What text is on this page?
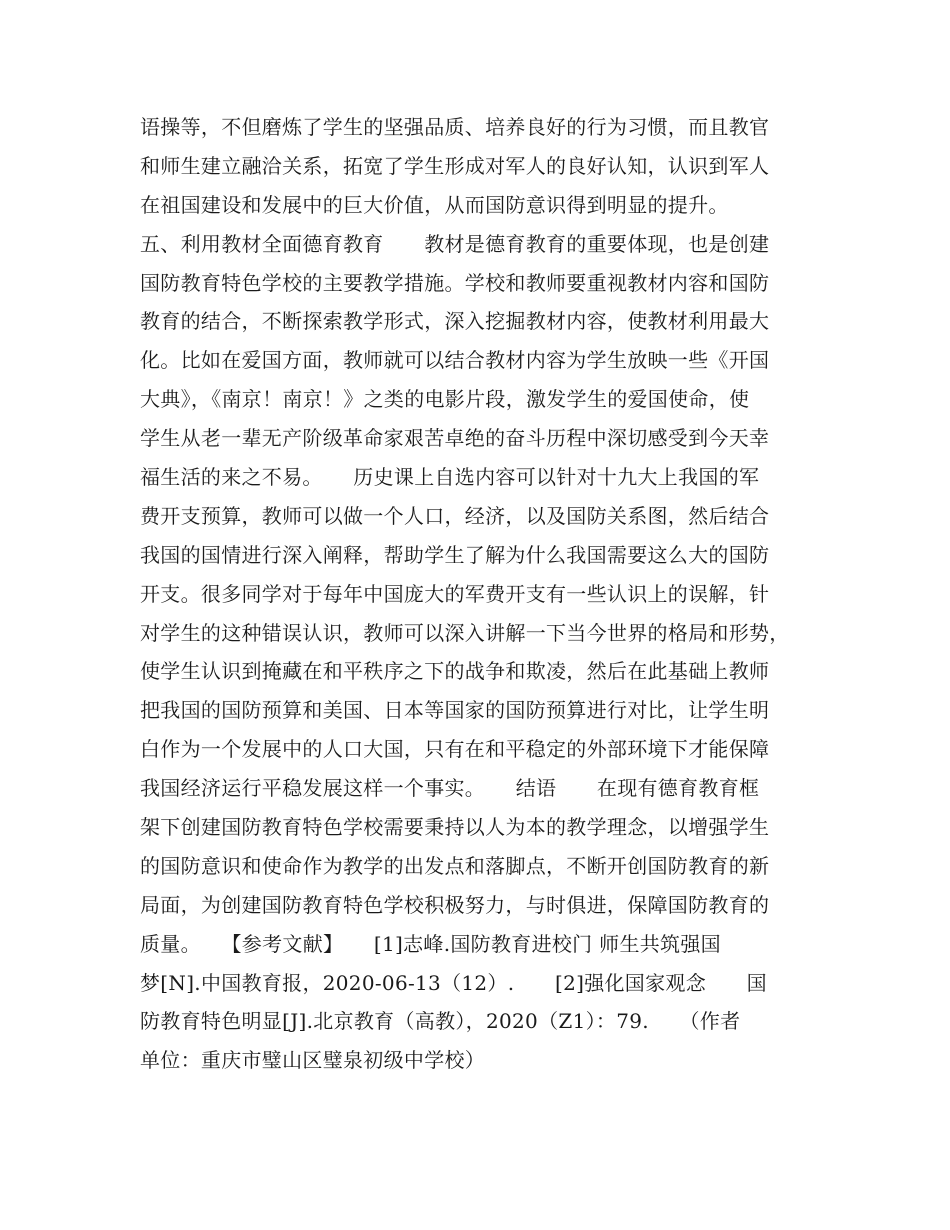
语操等，不但磨炼了学生的坚强品质、培养良好的行为习惯，而且教官
和师生建立融洽关系，拓宽了学生形成对军人的良好认知，认识到军人
在祖国建设和发展中的巨大价值，从而国防意识得到明显的提升。
五、利用教材全面德育教育　　教材是德育教育的重要体现，也是创建
国防教育特色学校的主要教学措施。学校和教师要重视教材内容和国防
教育的结合，不断探索教学形式，深入挖掘教材内容，使教材利用最大
化。比如在爱国方面，教师就可以结合教材内容为学生放映一些《开国
大典》，《南京！南京！》之类的电影片段，激发学生的爱国使命，使
学生从老一辈无产阶级革命家艰苦卓绝的奋斗历程中深切感受到今天幸
福生活的来之不易。　　历史课上自选内容可以针对十九大上我国的军
费开支预算，教师可以做一个人口，经济，以及国防关系图，然后结合
我国的国情进行深入阐释，帮助学生了解为什么我国需要这么大的国防
开支。很多同学对于每年中国庞大的军费开支有一些认识上的误解，针
对学生的这种错误认识，教师可以深入讲解一下当今世界的格局和形势，
使学生认识到掩藏在和平秩序之下的战争和欺凌，然后在此基础上教师
把我国的国防预算和美国、日本等国家的国防预算进行对比，让学生明
白作为一个发展中的人口大国，只有在和平稳定的外部环境下才能保障
我国经济运行平稳发展这样一个事实。　　结语　　在现有德育教育框
架下创建国防教育特色学校需要秉持以人为本的教学理念，以增强学生
的国防意识和使命作为教学的出发点和落脚点，不断开创国防教育的新
局面，为创建国防教育特色学校积极努力，与时俱进，保障国防教育的
质量。　　【参考文献】　　[1]志峰.国防教育进校门 师生共筑强国
梦[N].中国教育报，2020-06-13（12）.　　[2]强化国家观念　　国
防教育特色明显[J].北京教育（高教），2020（Z1）：79.　　（作者
单位：重庆市璧山区璧泉初级中学校）
